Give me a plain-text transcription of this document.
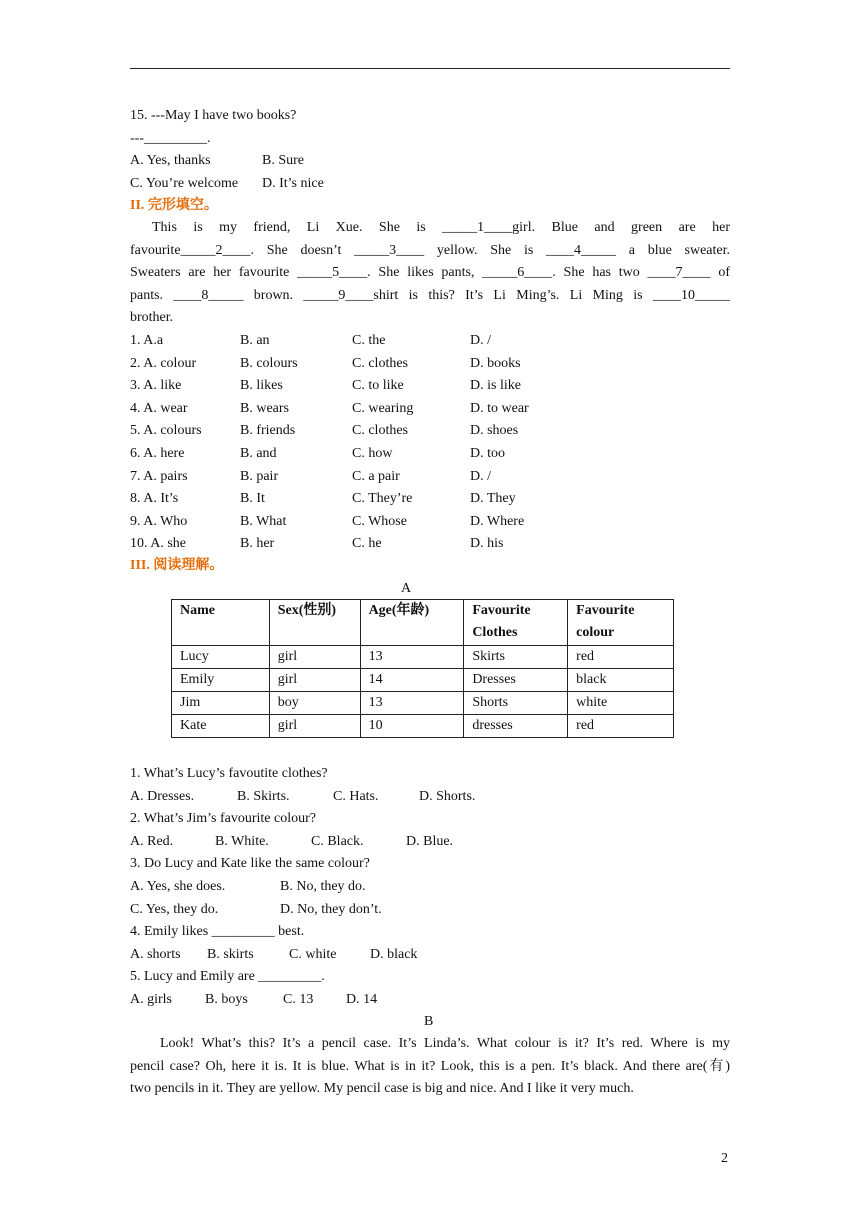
15. ---May I have two books?
---_________.
A. Yes, thanks	B. Sure
C. You’re welcome D. It’s nice
II. 完形填空。
This is my friend, Li Xue. She is _____1____girl. Blue and green are her
favourite_____2____. She doesn’t _____3____ yellow. She is ____4_____ a blue sweater.
Sweaters are her favourite _____5____. She likes pants, _____6____. She has two ____7____ of
pants. ____8_____ brown. _____9____shirt is this? It’s Li Ming’s. Li Ming is ____10_____
brother.
1. A.a	B. an	C. the	D. /
2. A. colour	B. colours	C. clothes	D. books
3. A. like	B. likes	C. to like	D. is like
4. A. wear	B. wears	C. wearing	D. to wear
5. A. colours	B. friends	C. clothes	D. shoes
6. A. here	B. and	C. how	D. too
7. A. pairs	B. pair	C. a pair	D. /
8. A. It’s	B. It	C. They’re	D. They
9. A. Who	B. What	C. Whose	D. Where
10. A. she	B. her	C. he	D. his
III. 阅读理解。
A
Name	Sex(性别)	Age(年龄)	Favourite Clothes	Favourite colour
Lucy	girl	13	Skirts	red
Emily	girl	14	Dresses	black
Jim	boy	13	Shorts	white
Kate	girl	10	dresses	red
1. What’s Lucy’s favoutite clothes?
A. Dresses.	B. Skirts.	C. Hats.	D. Shorts.
2. What’s Jim’s favourite colour?
A. Red.	B. White.	C. Black.	D. Blue.
3. Do Lucy and Kate like the same colour?
A. Yes, she does.	B. No, they do.
C. Yes, they do.	D. No, they don’t.
4. Emily likes _________ best.
A. shorts B. skirts	C. white D. black
5. Lucy and Emily are _________.
A. girls B. boys	C. 13 D. 14
B
Look! What’s this? It’s a pencil case. It’s Linda’s. What colour is it? It’s red. Where is my
pencil case? Oh, here it is. It is blue. What is in it? Look, this is a pen. It’s black. And there are(有)
two pencils in it. They are yellow. My pencil case is big and nice. And I like it very much.
2
